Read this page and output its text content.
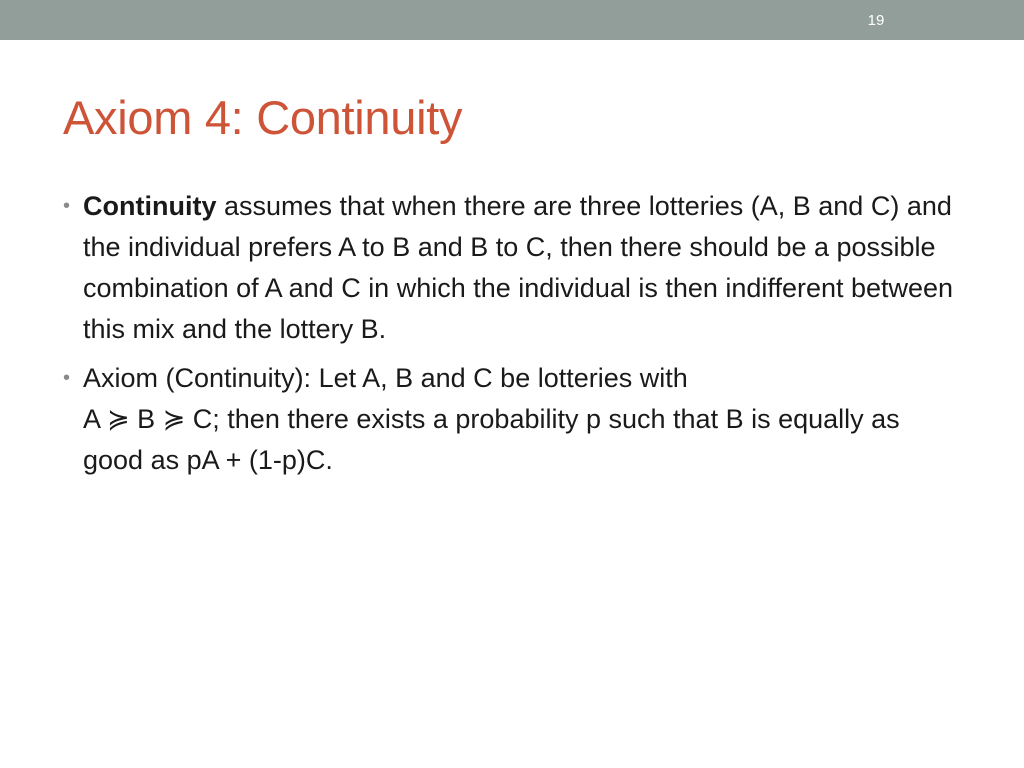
19
Axiom 4: Continuity
• Continuity assumes that when there are three lotteries (A, B and C) and the individual prefers A to B and B to C, then there should be a possible combination of A and C in which the individual is then indifferent between this mix and the lottery B.
• Axiom (Continuity): Let A, B and C be lotteries with
A ≽ B ≽ C; then there exists a probability p such that B is equally as good as pA + (1-p)C.
